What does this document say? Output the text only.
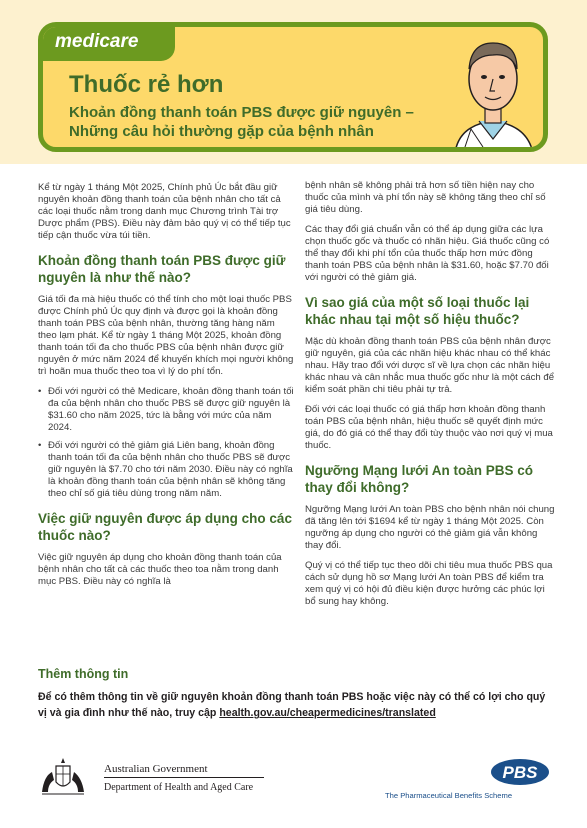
medicare
Thuốc rẻ hơn
Khoản đồng thanh toán PBS được giữ nguyên – Những câu hỏi thường gặp của bệnh nhân

Kể từ ngày 1 tháng Một 2025, Chính phủ Úc bắt đầu giữ nguyên khoản đồng thanh toán của bệnh nhân cho tất cả các loại thuốc nằm trong danh mục Chương trình Tài trợ Dược phẩm (PBS). Điều này đảm bảo quý vị có thể tiếp tục tiếp cận thuốc vừa túi tiền.

Khoản đồng thanh toán PBS được giữ nguyên là như thế nào?

Giá tối đa mà hiệu thuốc có thể tính cho một loại thuốc PBS được Chính phủ Úc quy định và được gọi là khoản đồng thanh toán PBS của bệnh nhân, thường tăng hàng năm theo lạm phát. Kể từ ngày 1 tháng Một 2025, khoản đồng thanh toán tối đa cho thuốc PBS của bệnh nhân được giữ nguyên ở mức năm 2024 để khuyến khích mọi người không trì hoãn mua thuốc theo toa vì lý do phí tổn.

• Đối với người có thẻ Medicare, khoản đồng thanh toán tối đa của bệnh nhân cho thuốc PBS sẽ được giữ nguyên là $31.60 cho năm 2025, tức là bằng với mức của năm 2024.
• Đối với người có thẻ giảm giá Liên bang, khoản đồng thanh toán tối đa của bệnh nhân cho thuốc PBS sẽ được giữ nguyên là $7.70 cho tới năm 2030. Điều này có nghĩa là khoản đồng thanh toán của bệnh nhân sẽ không tăng theo chỉ số giá tiêu dùng trong năm năm.
Việc giữ nguyên được áp dụng cho các thuốc nào?

Việc giữ nguyên áp dụng cho khoản đồng thanh toán của bệnh nhân cho tất cả các thuốc theo toa nằm trong danh mục PBS. Điều này có nghĩa là

bệnh nhân sẽ không phải trả hơn số tiền hiện nay cho thuốc của mình và phí tổn này sẽ không tăng theo chỉ số giá tiêu dùng.

Các thay đổi giá chuẩn vẫn có thể áp dụng giữa các lựa chọn thuốc gốc và thuốc có nhãn hiệu. Giá thuốc cũng có thể thay đổi khi phí tổn của thuốc thấp hơn mức đồng thanh toán PBS của bệnh nhân là $31.60, hoặc $7.70 đối với người có thẻ giảm giá.

Vì sao giá của một số loại thuốc lại khác nhau tại một số hiệu thuốc?

Mặc dù khoản đồng thanh toán PBS của bệnh nhân được giữ nguyên, giá của các nhãn hiệu khác nhau có thể khác nhau. Hãy trao đổi với dược sĩ về lựa chọn các nhãn hiệu khác nhau và cân nhắc mua thuốc gốc như là một cách để kiểm soát phần chi tiêu phải tự trả.

Đối với các loại thuốc có giá thấp hơn khoản đồng thanh toán PBS của bệnh nhân, hiệu thuốc sẽ quyết định mức giá, do đó giá có thể thay đổi tùy thuộc vào nơi quý vị mua thuốc.

Ngưỡng Mạng lưới An toàn PBS có thay đổi không?

Ngưỡng Mạng lưới An toàn PBS cho bệnh nhân nói chung đã tăng lên tới $1694 kể từ ngày 1 tháng Một 2025. Còn ngưỡng áp dụng cho người có thẻ giảm giá vẫn không thay đổi.

Quý vị có thể tiếp tục theo dõi chi tiêu mua thuốc PBS qua cách sử dụng hồ sơ Mạng lưới An toàn PBS để kiểm tra xem quý vị có hội đủ điều kiện được hưởng các phúc lợi bổ sung hay không.

Thêm thông tin

Để có thêm thông tin về giữ nguyên khoản đồng thanh toán PBS hoặc việc này có thể có lợi cho quý vị và gia đình như thế nào, truy cập health.gov.au/cheapermedicines/translated

Australian Government
Department of Health and Aged Care
PBS
The Pharmaceutical Benefits Scheme
